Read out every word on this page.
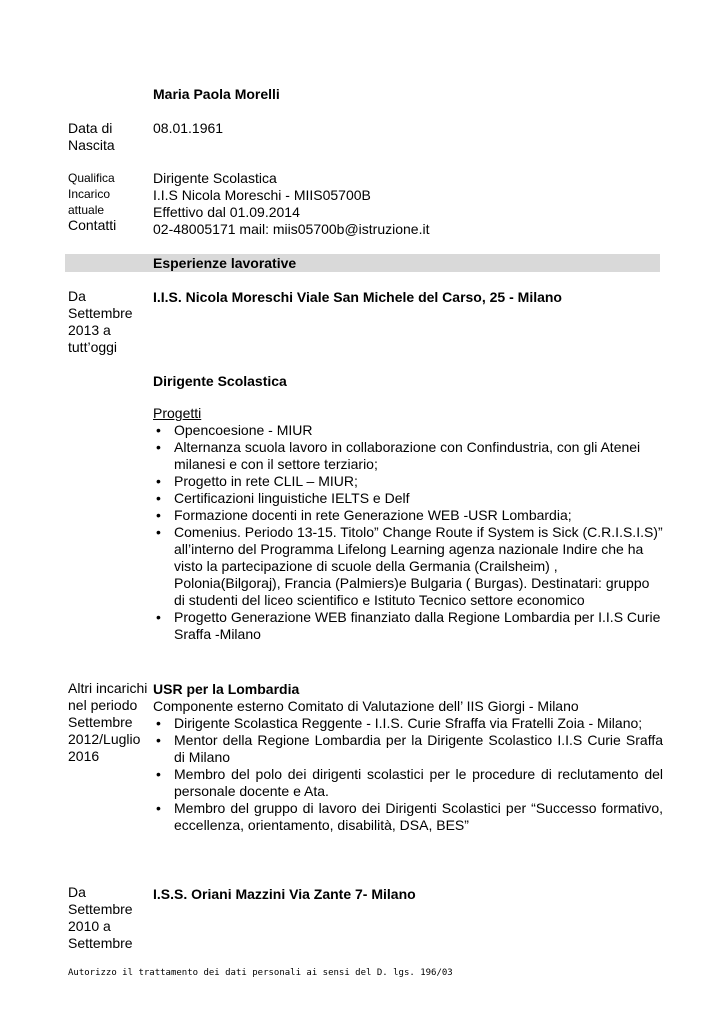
Maria Paola Morelli
Data di Nascita
08.01.1961
Qualifica
Incarico
attuale
Contatti
Dirigente Scolastica
I.I.S Nicola Moreschi - MIIS05700B
Effettivo dal 01.09.2014
02-48005171 mail: miis05700b@istruzione.it
Esperienze lavorative
Da Settembre 2013 a tutt’oggi
I.I.S. Nicola Moreschi Viale San Michele del Carso, 25 - Milano
Dirigente Scolastica
Progetti
• Opencoesione - MIUR
• Alternanza scuola lavoro in collaborazione con Confindustria, con gli Atenei milanesi e con il settore terziario;
• Progetto in rete CLIL – MIUR;
• Certificazioni linguistiche IELTS e Delf
• Formazione docenti in rete Generazione WEB -USR Lombardia;
• Comenius. Periodo 13-15. Titolo” Change Route if System is Sick (C.R.I.S.I.S)” all’interno del Programma Lifelong Learning agenza nazionale Indire che ha visto la partecipazione di scuole della Germania (Crailsheim) , Polonia(Bilgoraj), Francia (Palmiers)e Bulgaria ( Burgas). Destinatari: gruppo di studenti del liceo scientifico e Istituto Tecnico settore economico
• Progetto Generazione WEB finanziato dalla Regione Lombardia per I.I.S Curie Sraffa -Milano
Altri incarichi nel periodo Settembre 2012/Luglio 2016
USR per la Lombardia
Componente esterno Comitato di Valutazione dell’ IIS Giorgi - Milano
• Dirigente Scolastica Reggente - I.I.S. Curie Sfraffa via Fratelli Zoia - Milano;
• Mentor della Regione Lombardia per la Dirigente Scolastico I.I.S Curie Sraffa di Milano
• Membro del polo dei dirigenti scolastici per le procedure di reclutamento del personale docente e Ata.
• Membro del gruppo di lavoro dei Dirigenti Scolastici per “Successo formativo, eccellenza, orientamento, disabilità, DSA, BES”
Da Settembre 2010 a Settembre
I.S.S. Oriani Mazzini Via Zante 7- Milano
Autorizzo il trattamento dei dati personali ai sensi del D. lgs. 196/03
